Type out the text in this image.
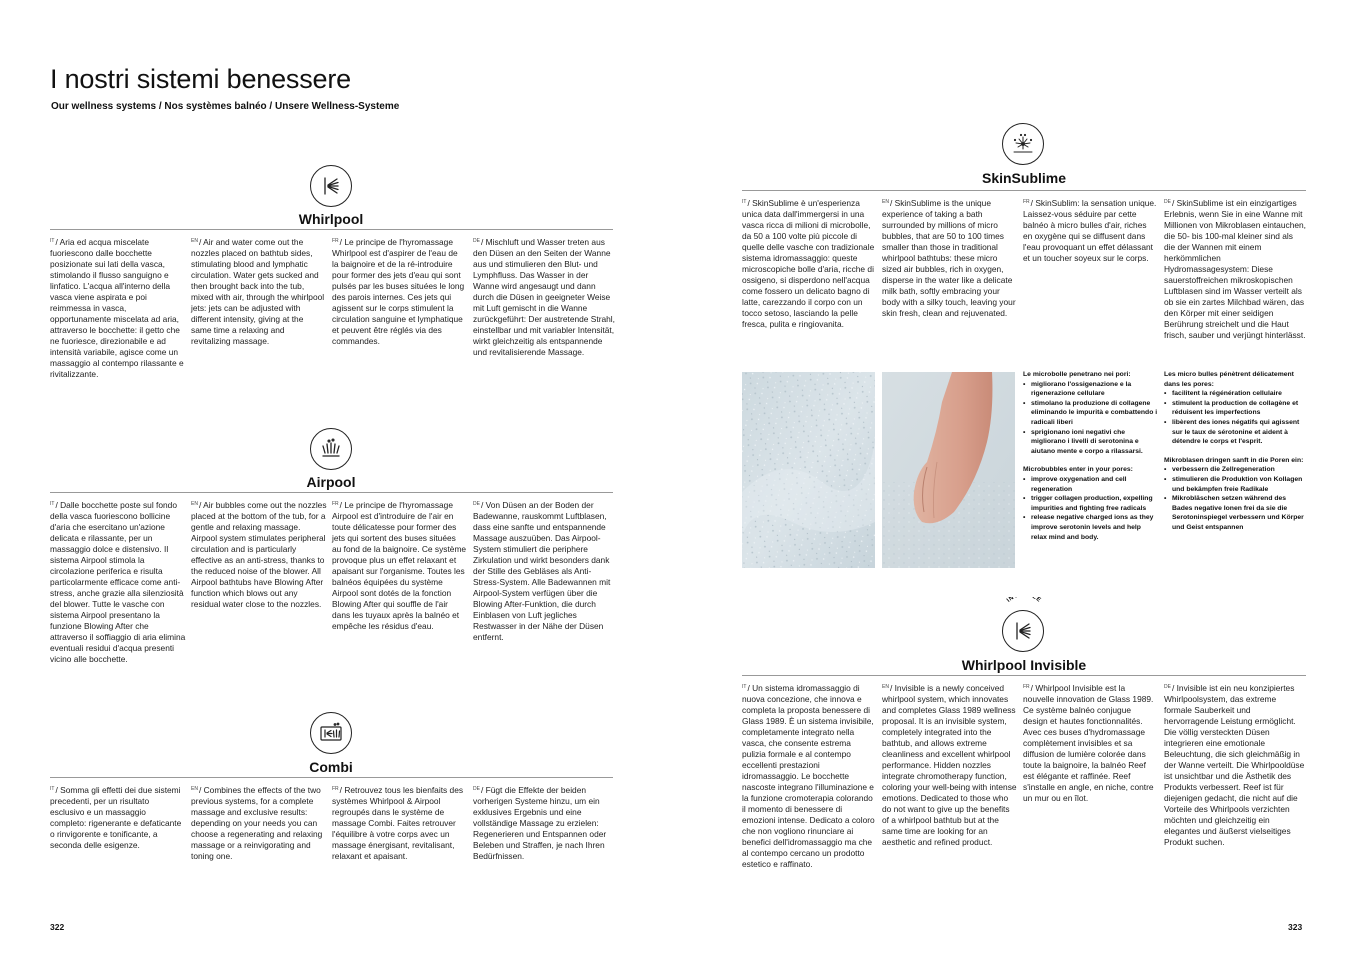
I nostri sistemi benessere
Our wellness systems / Nos systèmes balnéo / Unsere Wellness-Systeme
Whirlpool
$^{IT}$/ Aria ed acqua miscelate fuoriescono dalle bocchette posizionate sui lati della vasca, stimolando il flusso sanguigno e linfatico. L'acqua all'interno della vasca viene aspirata e poi reimmessa in vasca, opportunamente miscelata ad aria, attraverso le bocchette: il getto che ne fuoriesce, direzionabile e ad intensità variabile, agisce come un massaggio al contempo rilassante e rivitalizzante.
$^{EN}$/ Air and water come out the nozzles placed on bathtub sides, stimulating blood and lymphatic circulation. Water gets sucked and then brought back into the tub, mixed with air, through the whirlpool jets: jets can be adjusted with different intensity, giving at the same time a relaxing and revitalizing massage.
$^{FR}$/ Le principe de l'hyromassage Whirlpool est d'aspirer de l'eau de la baignoire et de la ré-introduire pour former des jets d'eau qui sont pulsés par les buses situées le long des parois internes. Ces jets qui agissent sur le corps stimulent la circulation sanguine et lymphatique et peuvent être réglés via des commandes.
$^{DE}$/ Mischluft und Wasser treten aus den Düsen an den Seiten der Wanne aus und stimulieren den Blut- und Lymphfluss. Das Wasser in der Wanne wird angesaugt und dann durch die Düsen in geeigneter Weise mit Luft gemischt in die Wanne zurückgeführt: Der austretende Strahl, einstellbar und mit variabler Intensität, wirkt gleichzeitig als entspannende und revitalisierende Massage.
Airpool
$^{IT}$/ Dalle bocchette poste sul fondo della vasca fuoriescono bollicine d'aria che esercitano un'azione delicata e rilassante, per un massaggio dolce e distensivo. Il sistema Airpool stimola la circolazione periferica e risulta particolarmente efficace come anti-stress, anche grazie alla silenziosità del blower. Tutte le vasche con sistema Airpool presentano la funzione Blowing After che attraverso il soffiaggio di aria elimina eventuali residui d'acqua presenti vicino alle bocchette.
$^{EN}$/ Air bubbles come out the nozzles placed at the bottom of the tub, for a gentle and relaxing massage. Airpool system stimulates peripheral circulation and is particularly effective as an anti-stress, thanks to the reduced noise of the blower. All Airpool bathtubs have Blowing After function which blows out any residual water close to the nozzles.
$^{FR}$/ Le principe de l'hyromassage Airpool est d'introduire de l'air en toute délicatesse pour former des jets qui sortent des buses situées au fond de la baignoire. Ce système provoque plus un effet relaxant et apaisant sur l'organisme. Toutes les balnéos équipées du système Airpool sont dotés de la fonction Blowing After qui souffle de l'air dans les tuyaux après la balnéo et empêche les résidus d'eau.
$^{DE}$/ Von Düsen an der Boden der Badewanne, rauskommt Luftblasen, dass eine sanfte und entspannende Massage auszuüben. Das Airpool-System stimuliert die periphere Zirkulation und wirkt besonders dank der Stille des Gebläses als Anti-Stress-System. Alle Badewannen mit Airpool-System verfügen über die Blowing After-Funktion, die durch Einblasen von Luft jegliches Restwasser in der Nähe der Düsen entfernt.
Combi
$^{IT}$/ Somma gli effetti dei due sistemi precedenti, per un risultato esclusivo e un massaggio completo: rigenerante e defaticante o rinvigorente e tonificante, a seconda delle esigenze.
$^{EN}$/ Combines the effects of the two previous systems, for a complete massage and exclusive results: depending on your needs you can choose a regenerating and relaxing massage or a reinvigorating and toning one.
$^{FR}$/ Retrouvez tous les bienfaits des systèmes Whirlpool & Airpool regroupés dans le système de massage Combi. Faites retrouver l'équilibre à votre corps avec un massage énergisant, revitalisant, relaxant et apaisant.
$^{DE}$/ Fügt die Effekte der beiden vorherigen Systeme hinzu, um ein exklusives Ergebnis und eine vollständige Massage zu erzielen: Regenerieren und Entspannen oder Beleben und Straffen, je nach Ihren Bedürfnissen.
SkinSublime
$^{IT}$/ SkinSublime è un'esperienza unica data dall'immergersi in una vasca ricca di milioni di microbolle, da 50 a 100 volte più piccole di quelle delle vasche con tradizionale sistema idromassaggio: queste microscopiche bolle d'aria, ricche di ossigeno, si disperdono nell'acqua come fossero un delicato bagno di latte, carezzando il corpo con un tocco setoso, lasciando la pelle fresca, pulita e ringiovanita.
$^{EN}$/ SkinSublime is the unique experience of taking a bath surrounded by millions of micro bubbles, that are 50 to 100 times smaller than those in traditional whirlpool bathtubs: these micro sized air bubbles, rich in oxygen, disperse in the water like a delicate milk bath, softly embracing your body with a silky touch, leaving your skin fresh, clean and rejuvenated.
$^{FR}$/ SkinSublim: la sensation unique. Laissez-vous séduire par cette balnéo à micro bulles d'air, riches en oxygène qui se diffusent dans l'eau provoquant un effet délassant et un toucher soyeux sur le corps.
$^{DE}$/ SkinSublime ist ein einzigartiges Erlebnis, wenn Sie in eine Wanne mit Millionen von Mikroblasen eintauchen, die 50- bis 100-mal kleiner sind als die der Wannen mit einem herkömmlichen Hydromassagesystem: Diese sauerstoffreichen mikroskopischen Luftblasen sind im Wasser verteilt als ob sie ein zartes Milchbad wären, das den Körper mit einer seidigen Berührung streichelt und die Haut frisch, sauber und verjüngt hinterlässt.
Le microbolle penetrano nei pori:
• migliorano l'ossigenazione e la rigenerazione cellulare
• stimolano la produzione di collagene eliminando le impurità e combattendo i radicali liberi
• sprigionano ioni negativi che migliorano i livelli di serotonina e aiutano mente e corpo a rilassarsi.
Microbubbles enter in your pores:
• improve oxygenation and cell regeneration
• trigger collagen production, expelling impurities and fighting free radicals
• release negative charged ions as they improve serotonin levels and help relax mind and body.
Les micro bulles pénètrent délicatement dans les pores:
• facilitent la régénération cellulaire
• stimulent la production de collagène et réduisent les imperfections
• libèrent des iones négatifs qui agissent sur le taux de sérotonine et aident à détendre le corps et l'esprit.
Mikroblasen dringen sanft in die Poren ein:
• verbessern die Zellregeneration
• stimulieren die Produktion von Kollagen und bekämpfen freie Radikale
• Mikrobläschen setzen während des Bades negative Ionen frei da sie die Serotoninspiegel verbessern und Körper und Geist entspannen
IN LE
Whirlpool Invisible
$^{IT}$/ Un sistema idromassaggio di nuova concezione, che innova e completa la proposta benessere di Glass 1989. È un sistema invisibile, completamente integrato nella vasca, che consente estrema pulizia formale e al contempo eccellenti prestazioni idromassaggio. Le bocchette nascoste integrano l'illuminazione e la funzione cromoterapia colorando il momento di benessere di emozioni intense. Dedicato a coloro che non vogliono rinunciare ai benefici dell'idromassaggio ma che al contempo cercano un prodotto estetico e raffinato.
$^{EN}$/ Invisible is a newly conceived whirlpool system, which innovates and completes Glass 1989 wellness proposal. It is an invisible system, completely integrated into the bathtub, and allows extreme cleanliness and excellent whirlpool performance. Hidden nozzles integrate chromotherapy function, coloring your well-being with intense emotions. Dedicated to those who do not want to give up the benefits of a whirlpool bathtub but at the same time are looking for an aesthetic and refined product.
$^{FR}$/ Whirlpool Invisible est la nouvelle innovation de Glass 1989. Ce système balnéo conjugue design et hautes fonctionnalités. Avec ces buses d'hydromassage complètement invisibles et sa diffusion de lumière colorée dans toute la baignoire, la balnéo Reef est élégante et raffinée. Reef s'installe en angle, en niche, contre un mur ou en îlot.
$^{DE}$/ Invisible ist ein neu konzipiertes Whirlpoolsystem, das extreme formale Sauberkeit und hervorragende Leistung ermöglicht. Die völlig versteckten Düsen integrieren eine emotionale Beleuchtung, die sich gleichmäßig in der Wanne verteilt. Die Whirlpooldüse ist unsichtbar und die Ästhetik des Produkts verbessert. Reef ist für diejenigen gedacht, die nicht auf die Vorteile des Whirlpools verzichten möchten und gleichzeitig ein elegantes und äußerst vielseitiges Produkt suchen.
322	323
